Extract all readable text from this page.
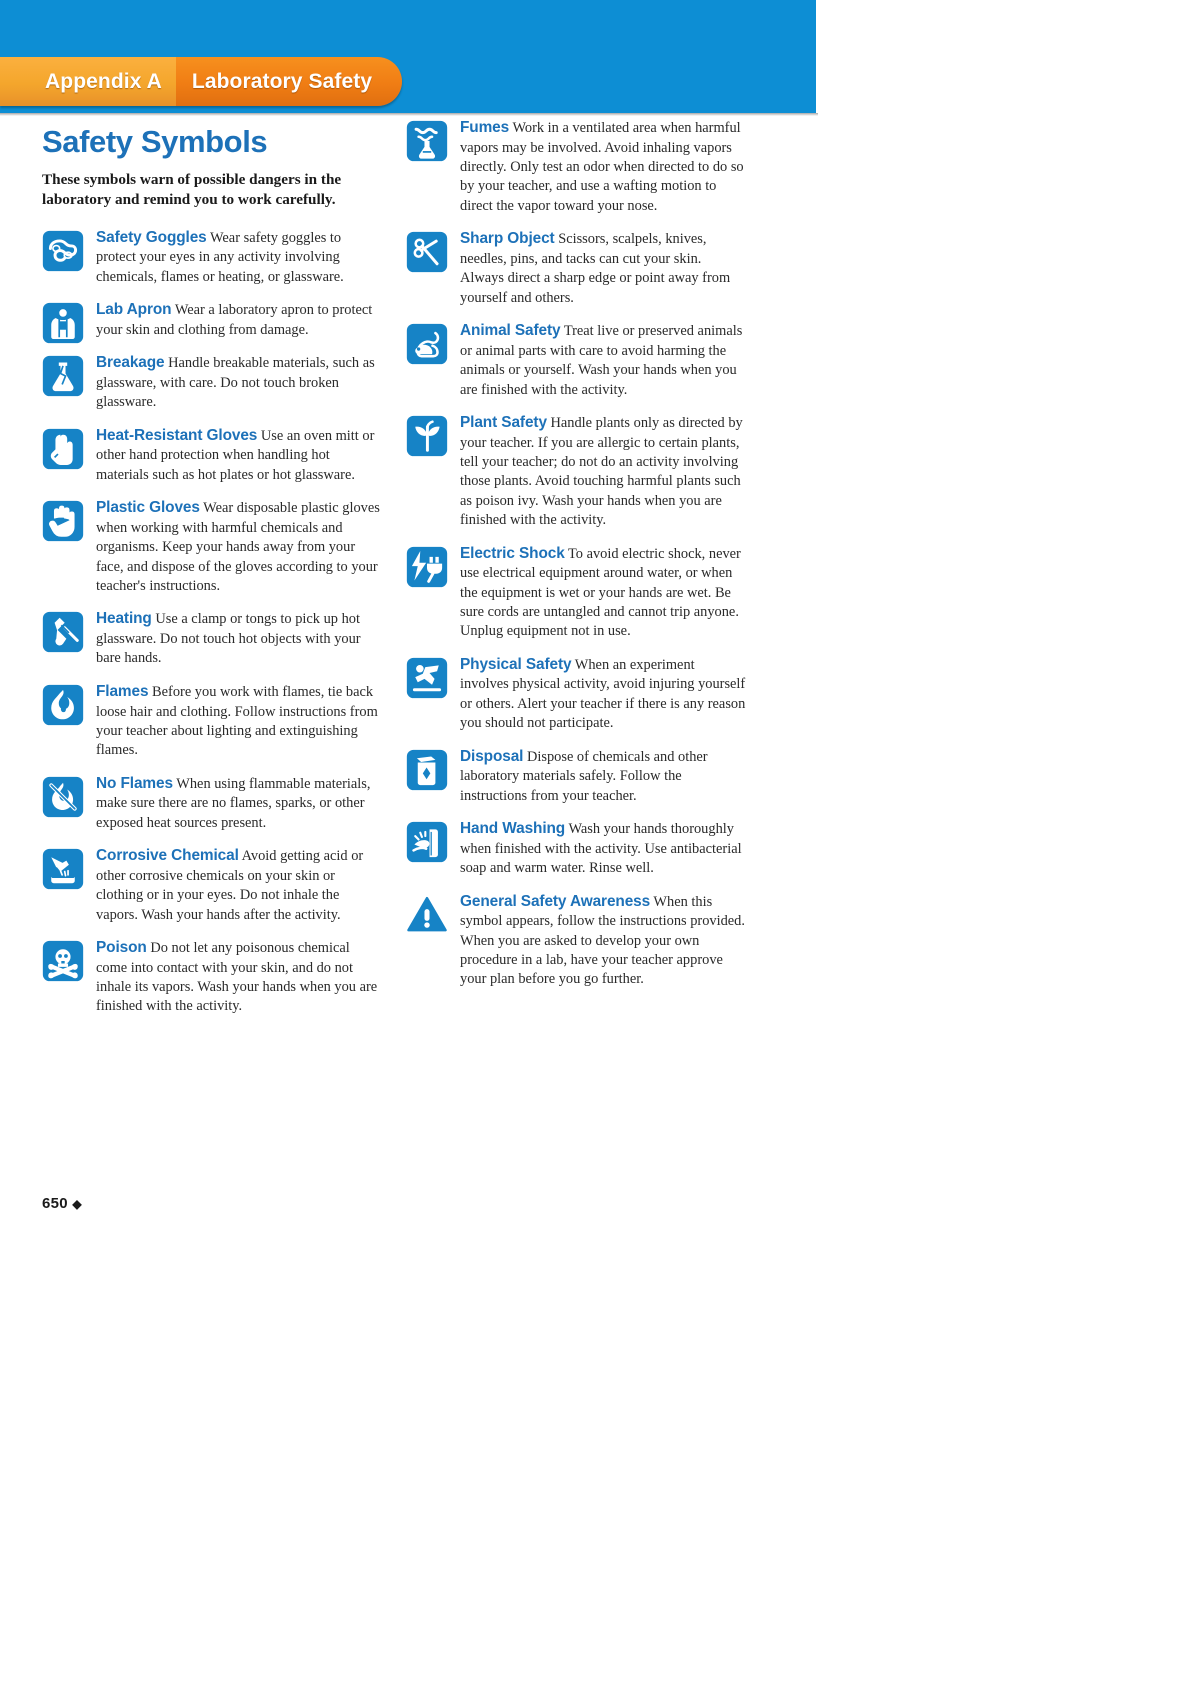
Appendix A Laboratory Safety
Safety Symbols

These symbols warn of possible dangers in the laboratory and remind you to work carefully.

Safety Goggles Wear safety goggles to protect your eyes in any activity involving chemicals, flames or heating, or glassware.
Lab Apron Wear a laboratory apron to protect your skin and clothing from damage.
Breakage Handle breakable materials, such as glassware, with care. Do not touch broken glassware.
Heat-Resistant Gloves Use an oven mitt or other hand protection when handling hot materials such as hot plates or hot glassware.
Plastic Gloves Wear disposable plastic gloves when working with harmful chemicals and organisms. Keep your hands away from your face, and dispose of the gloves according to your teacher's instructions.
Heating Use a clamp or tongs to pick up hot glassware. Do not touch hot objects with your bare hands.
Flames Before you work with flames, tie back loose hair and clothing. Follow instructions from your teacher about lighting and extinguishing flames.
No Flames When using flammable materials, make sure there are no flames, sparks, or other exposed heat sources present.
Corrosive Chemical Avoid getting acid or other corrosive chemicals on your skin or clothing or in your eyes. Do not inhale the vapors. Wash your hands after the activity.
Poison Do not let any poisonous chemical come into contact with your skin, and do not inhale its vapors. Wash your hands when you are finished with the activity.
Fumes Work in a ventilated area when harmful vapors may be involved. Avoid inhaling vapors directly. Only test an odor when directed to do so by your teacher, and use a wafting motion to direct the vapor toward your nose.
Sharp Object Scissors, scalpels, knives, needles, pins, and tacks can cut your skin. Always direct a sharp edge or point away from yourself and others.
Animal Safety Treat live or preserved animals or animal parts with care to avoid harming the animals or yourself. Wash your hands when you are finished with the activity.
Plant Safety Handle plants only as directed by your teacher. If you are allergic to certain plants, tell your teacher; do not do an activity involving those plants. Avoid touching harmful plants such as poison ivy. Wash your hands when you are finished with the activity.
Electric Shock To avoid electric shock, never use electrical equipment around water, or when the equipment is wet or your hands are wet. Be sure cords are untangled and cannot trip anyone. Unplug equipment not in use.
Physical Safety When an experiment involves physical activity, avoid injuring yourself or others. Alert your teacher if there is any reason you should not participate.
Disposal Dispose of chemicals and other laboratory materials safely. Follow the instructions from your teacher.
Hand Washing Wash your hands thoroughly when finished with the activity. Use antibacterial soap and warm water. Rinse well.
General Safety Awareness When this symbol appears, follow the instructions provided. When you are asked to develop your own procedure in a lab, have your teacher approve your plan before you go further.
650 ◆
